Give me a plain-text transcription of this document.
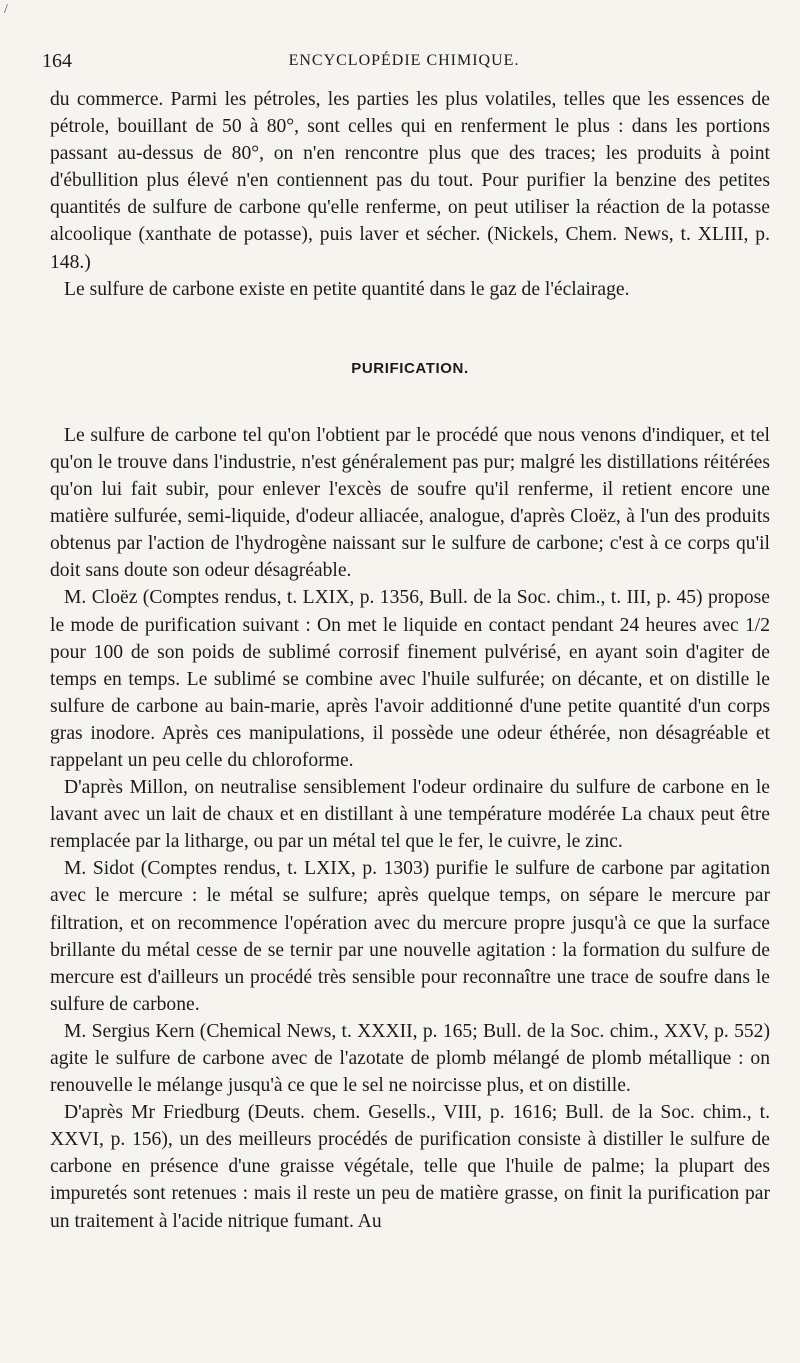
/
164	ENCYCLOPÉDIE CHIMIQUE.

du commerce. Parmi les pétroles, les parties les plus volatiles, telles que les essences de pétrole, bouillant de 50 à 80°, sont celles qui en renferment le plus : dans les portions passant au-dessus de 80°, on n'en rencontre plus que des traces; les produits à point d'ébullition plus élevé n'en contiennent pas du tout. Pour purifier la benzine des petites quantités de sulfure de carbone qu'elle renferme, on peut utiliser la réaction de la potasse alcoolique (xanthate de potasse), puis laver et sécher. (Nickels, Chem. News, t. XLIII, p. 148.)

Le sulfure de carbone existe en petite quantité dans le gaz de l'éclairage.

PURIFICATION.

Le sulfure de carbone tel qu'on l'obtient par le procédé que nous venons d'indiquer, et tel qu'on le trouve dans l'industrie, n'est généralement pas pur; malgré les distillations réitérées qu'on lui fait subir, pour enlever l'excès de soufre qu'il renferme, il retient encore une matière sulfurée, semi-liquide, d'odeur alliacée, analogue, d'après Cloëz, à l'un des produits obtenus par l'action de l'hydrogène naissant sur le sulfure de carbone; c'est à ce corps qu'il doit sans doute son odeur désagréable.

M. Cloëz (Comptes rendus, t. LXIX, p. 1356, Bull. de la Soc. chim., t. III, p. 45) propose le mode de purification suivant : On met le liquide en contact pendant 24 heures avec 1/2 pour 100 de son poids de sublimé corrosif finement pulvérisé, en ayant soin d'agiter de temps en temps. Le sublimé se combine avec l'huile sulfurée; on décante, et on distille le sulfure de carbone au bain-marie, après l'avoir additionné d'une petite quantité d'un corps gras inodore. Après ces manipulations, il possède une odeur éthérée, non désagréable et rappelant un peu celle du chloroforme.

D'après Millon, on neutralise sensiblement l'odeur ordinaire du sulfure de carbone en le lavant avec un lait de chaux et en distillant à une température modérée La chaux peut être remplacée par la litharge, ou par un métal tel que le fer, le cuivre, le zinc.

M. Sidot (Comptes rendus, t. LXIX, p. 1303) purifie le sulfure de carbone par agitation avec le mercure : le métal se sulfure; après quelque temps, on sépare le mercure par filtration, et on recommence l'opération avec du mercure propre jusqu'à ce que la surface brillante du métal cesse de se ternir par une nouvelle agitation : la formation du sulfure de mercure est d'ailleurs un procédé très sensible pour reconnaître une trace de soufre dans le sulfure de carbone.

M. Sergius Kern (Chemical News, t. XXXII, p. 165; Bull. de la Soc. chim., XXV, p. 552) agite le sulfure de carbone avec de l'azotate de plomb mélangé de plomb métallique : on renouvelle le mélange jusqu'à ce que le sel ne noircisse plus, et on distille.

D'après Mr Friedburg (Deuts. chem. Gesells., VIII, p. 1616; Bull. de la Soc. chim., t. XXVI, p. 156), un des meilleurs procédés de purification consiste à distiller le sulfure de carbone en présence d'une graisse végétale, telle que l'huile de palme; la plupart des impuretés sont retenues : mais il reste un peu de matière grasse, on finit la purification par un traitement à l'acide nitrique fumant. Au
